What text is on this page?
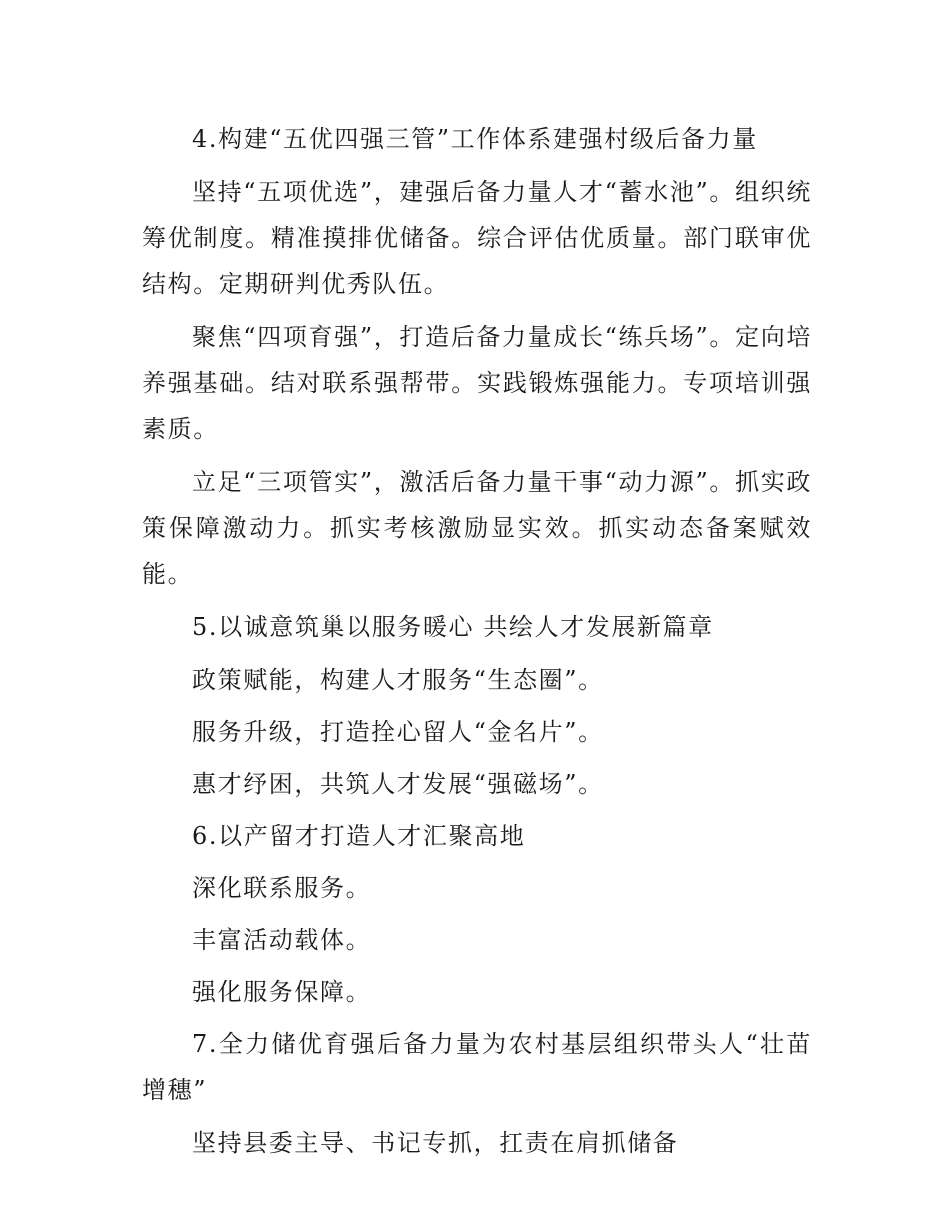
4.构建“五优四强三管”工作体系建强村级后备力量

坚持“五项优选”，建强后备力量人才“蓄水池”。组织统筹优制度。精准摸排优储备。综合评估优质量。部门联审优结构。定期研判优秀队伍。

聚焦“四项育强”，打造后备力量成长“练兵场”。定向培养强基础。结对联系强帮带。实践锻炼强能力。专项培训强素质。

立足“三项管实”，激活后备力量干事“动力源”。抓实政策保障激动力。抓实考核激励显实效。抓实动态备案赋效能。

5.以诚意筑巢以服务暖心 共绘人才发展新篇章

政策赋能，构建人才服务“生态圈”。

服务升级，打造拴心留人“金名片”。

惠才纾困，共筑人才发展“强磁场”。

6.以产留才打造人才汇聚高地

深化联系服务。

丰富活动载体。

强化服务保障。

7.全力储优育强后备力量为农村基层组织带头人“壮苗增穗”

坚持县委主导、书记专抓，扛责在肩抓储备
